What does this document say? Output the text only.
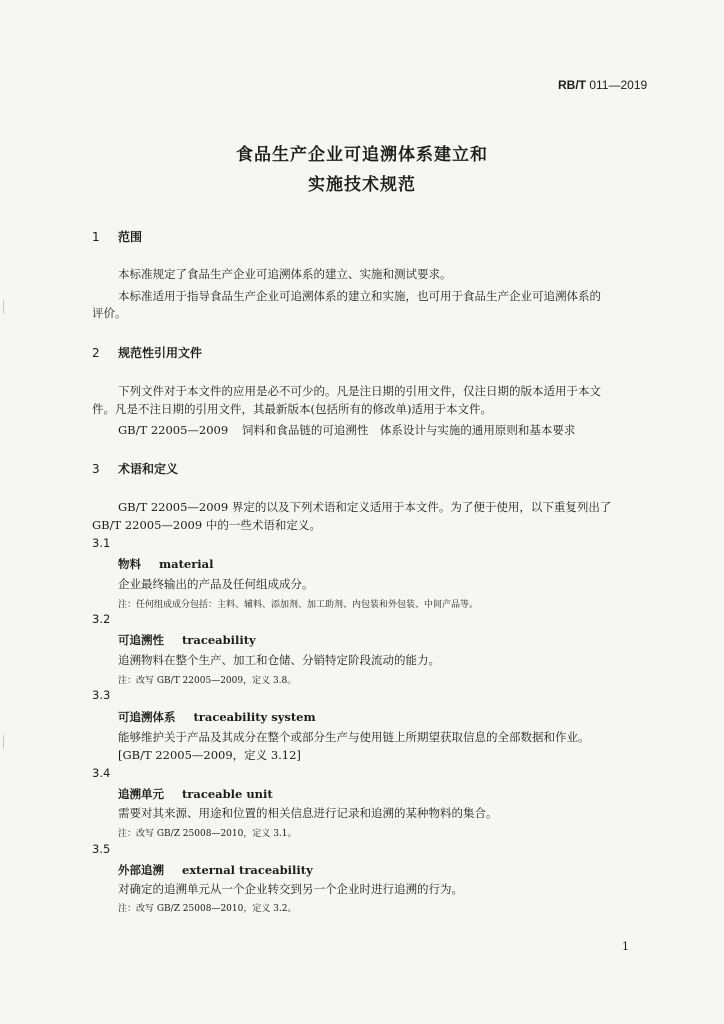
RB/T 011—2019
食品生产企业可追溯体系建立和
实施技术规范
1 范围
本标准规定了食品生产企业可追溯体系的建立、实施和测试要求。
本标准适用于指导食品生产企业可追溯体系的建立和实施，也可用于食品生产企业可追溯体系的
评价。
2 规范性引用文件
下列文件对于本文件的应用是必不可少的。凡是注日期的引用文件，仅注日期的版本适用于本文
件。凡是不注日期的引用文件，其最新版本(包括所有的修改单)适用于本文件。
GB/T 22005—2009 饲料和食品链的可追溯性　体系设计与实施的通用原则和基本要求
3 术语和定义
GB/T 22005—2009 界定的以及下列术语和定义适用于本文件。为了便于使用，以下重复列出了
GB/T 22005—2009 中的一些术语和定义。
3.1
物料 material
企业最终输出的产品及任何组成成分。
注：任何组成成分包括：主料、辅料、添加剂、加工助剂、内包装和外包装、中间产品等。
3.2
可追溯性 traceability
追溯物料在整个生产、加工和仓储、分销特定阶段流动的能力。
注：改写 GB/T 22005—2009，定义 3.8。
3.3
可追溯体系 traceability system
能够维护关于产品及其成分在整个或部分生产与使用链上所期望获取信息的全部数据和作业。
[GB/T 22005—2009，定义 3.12]
3.4
追溯单元 traceable unit
需要对其来源、用途和位置的相关信息进行记录和追溯的某种物料的集合。
注：改写 GB/Z 25008—2010，定义 3.1。
3.5
外部追溯 external traceability
对确定的追溯单元从一个企业转交到另一个企业时进行追溯的行为。
注：改写 GB/Z 25008—2010，定义 3.2。
1
